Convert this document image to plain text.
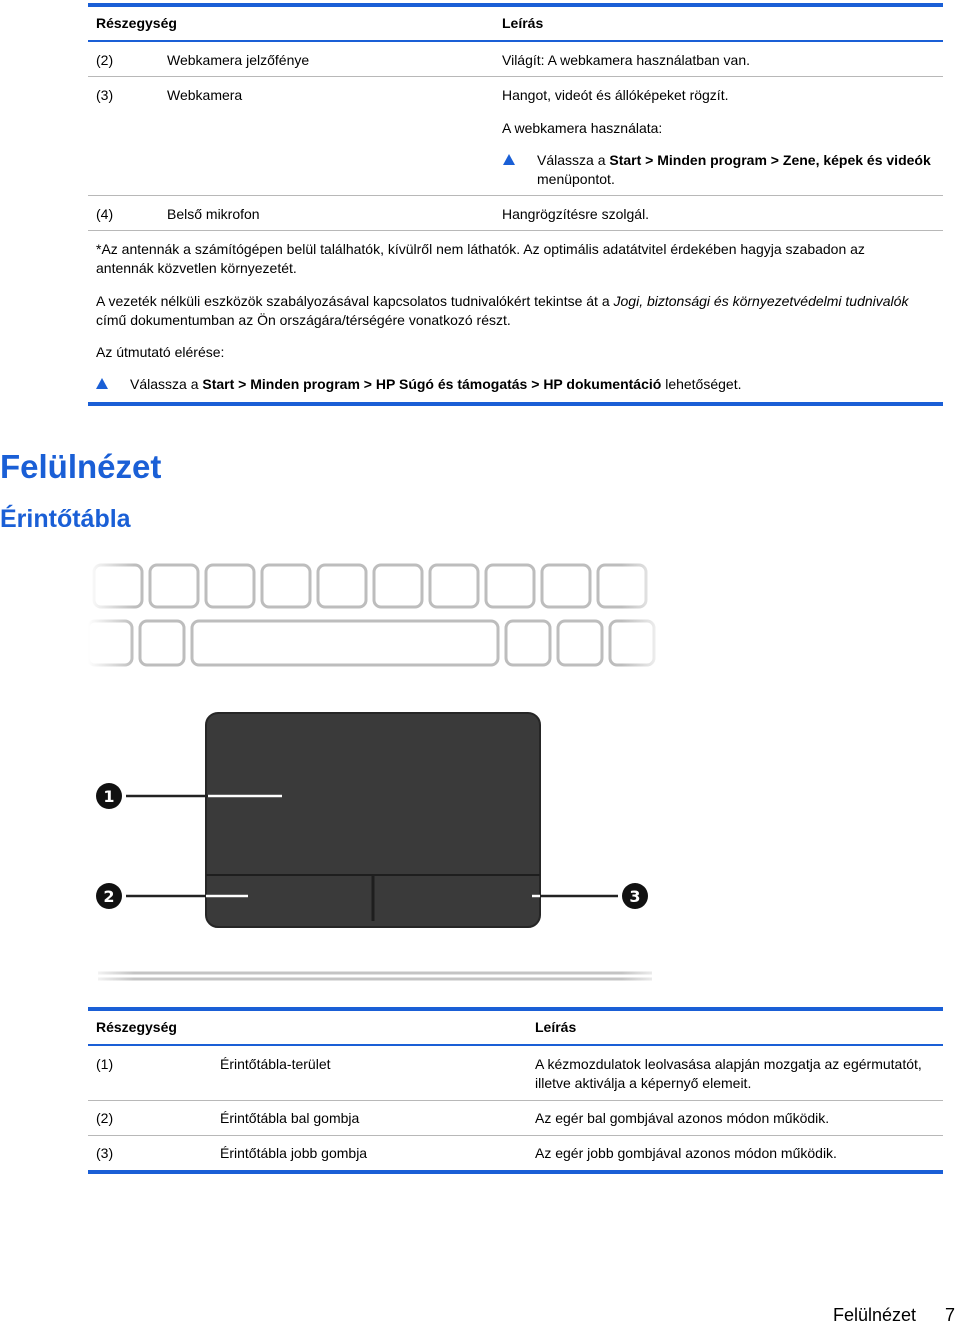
Részegység	Leírás
(2)	Webkamera jelzőfénye	Világít: A webkamera használatban van.
(3)	Webkamera	Hangot, videót és állóképeket rögzít.
A webkamera használata:
Válassza a Start > Minden program > Zene, képek és videók
menüpontot.
(4)	Belső mikrofon	Hangrögzítésre szolgál.
*Az antennák a számítógépen belül találhatók, kívülről nem láthatók. Az optimális adatátvitel érdekében hagyja szabadon az
antennák közvetlen környezetét.
A vezeték nélküli eszközök szabályozásával kapcsolatos tudnivalókért tekintse át a Jogi, biztonsági és környezetvédelmi tudnivalók
című dokumentumban az Ön országára/térségére vonatkozó részt.
Az útmutató elérése:
Válassza a Start > Minden program > HP Súgó és támogatás > HP dokumentáció lehetőséget.
Felülnézet
Érintőtábla
1
2	3
Részegység	Leírás
(1)	Érintőtábla-terület	A kézmozdulatok leolvasása alapján mozgatja az egérmutatót,
illetve aktiválja a képernyő elemeit.
(2)	Érintőtábla bal gombja	Az egér bal gombjával azonos módon működik.
(3)	Érintőtábla jobb gombja	Az egér jobb gombjával azonos módon működik.
Felülnézet 7
